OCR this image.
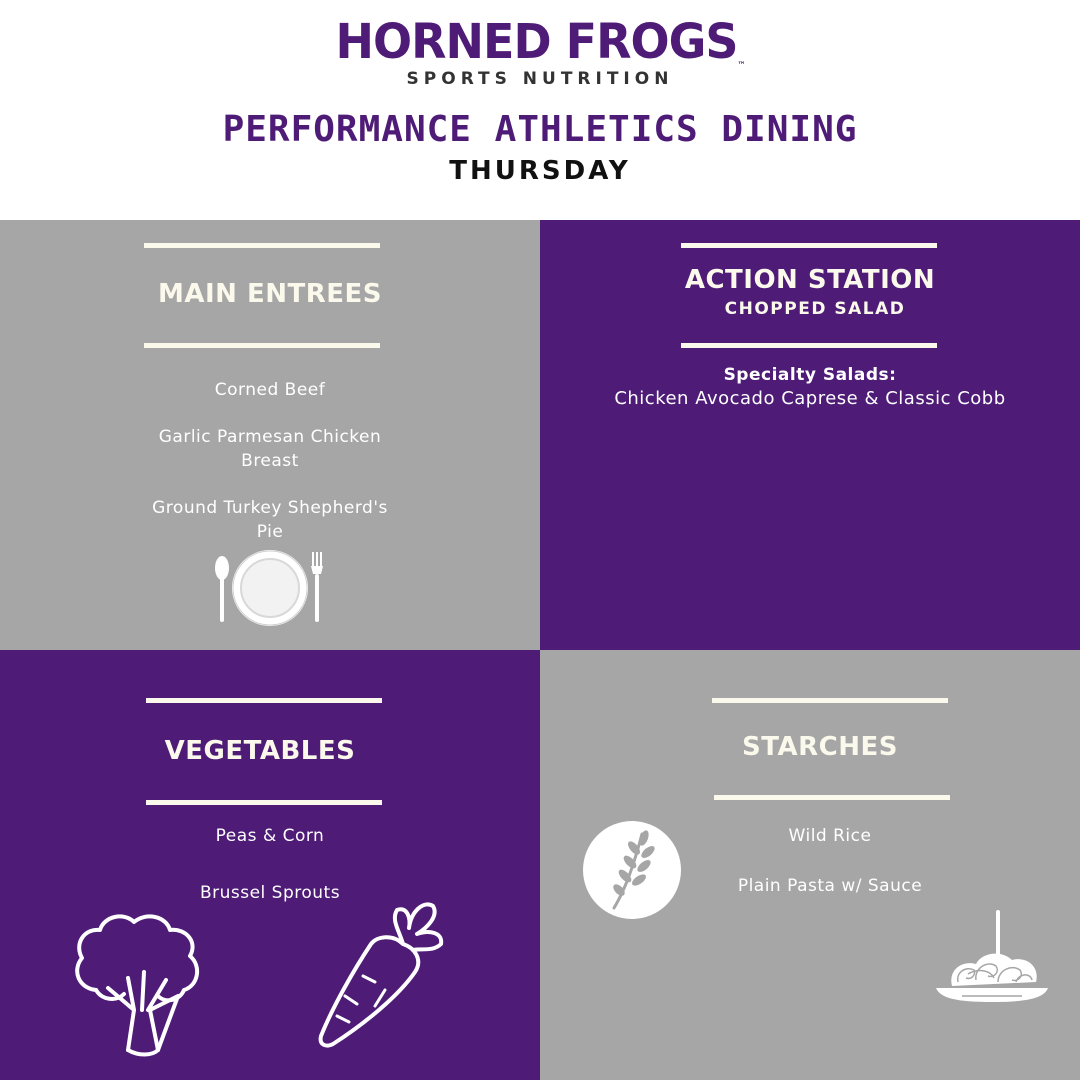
HORNED FROGS™
SPORTS NUTRITION
PERFORMANCE ATHLETICS DINING
THURSDAY
MAIN ENTREES
Corned Beef
Garlic Parmesan Chicken Breast
Ground Turkey Shepherd's Pie
ACTION STATION
CHOPPED SALAD
Specialty Salads:
Chicken Avocado Caprese & Classic Cobb
VEGETABLES
Peas & Corn
Brussel Sprouts
STARCHES
Wild Rice
Plain Pasta w/ Sauce
